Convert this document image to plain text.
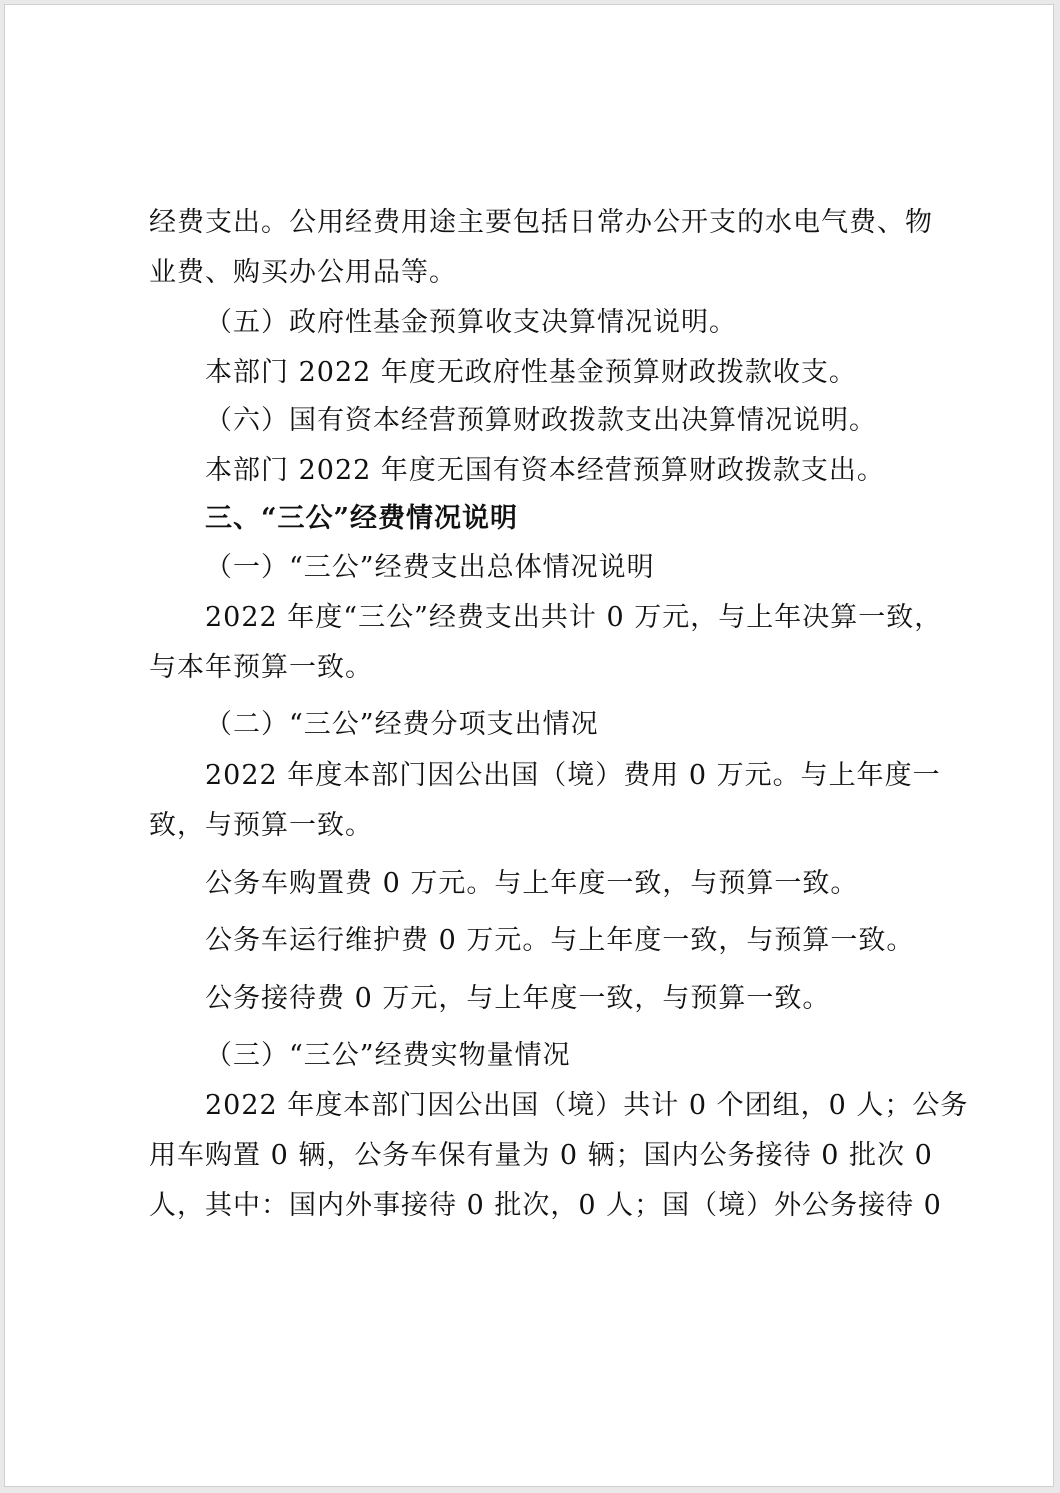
经费支出。公用经费用途主要包括日常办公开支的水电气费、物
业费、购买办公用品等。
（五）政府性基金预算收支决算情况说明。
本部门 2022 年度无政府性基金预算财政拨款收支。
（六）国有资本经营预算财政拨款支出决算情况说明。
本部门 2022 年度无国有资本经营预算财政拨款支出。
三、“三公”经费情况说明
（一）“三公”经费支出总体情况说明
2022 年度“三公”经费支出共计 0 万元，与上年决算一致，
与本年预算一致。
（二）“三公”经费分项支出情况
2022 年度本部门因公出国（境）费用 0 万元。与上年度一
致，与预算一致。
公务车购置费 0 万元。与上年度一致，与预算一致。
公务车运行维护费 0 万元。与上年度一致，与预算一致。
公务接待费 0 万元，与上年度一致，与预算一致。
（三）“三公”经费实物量情况
2022 年度本部门因公出国（境）共计 0 个团组，0 人；公务
用车购置 0 辆，公务车保有量为 0 辆；国内公务接待 0 批次 0
人，其中：国内外事接待 0 批次，0 人；国（境）外公务接待 0
